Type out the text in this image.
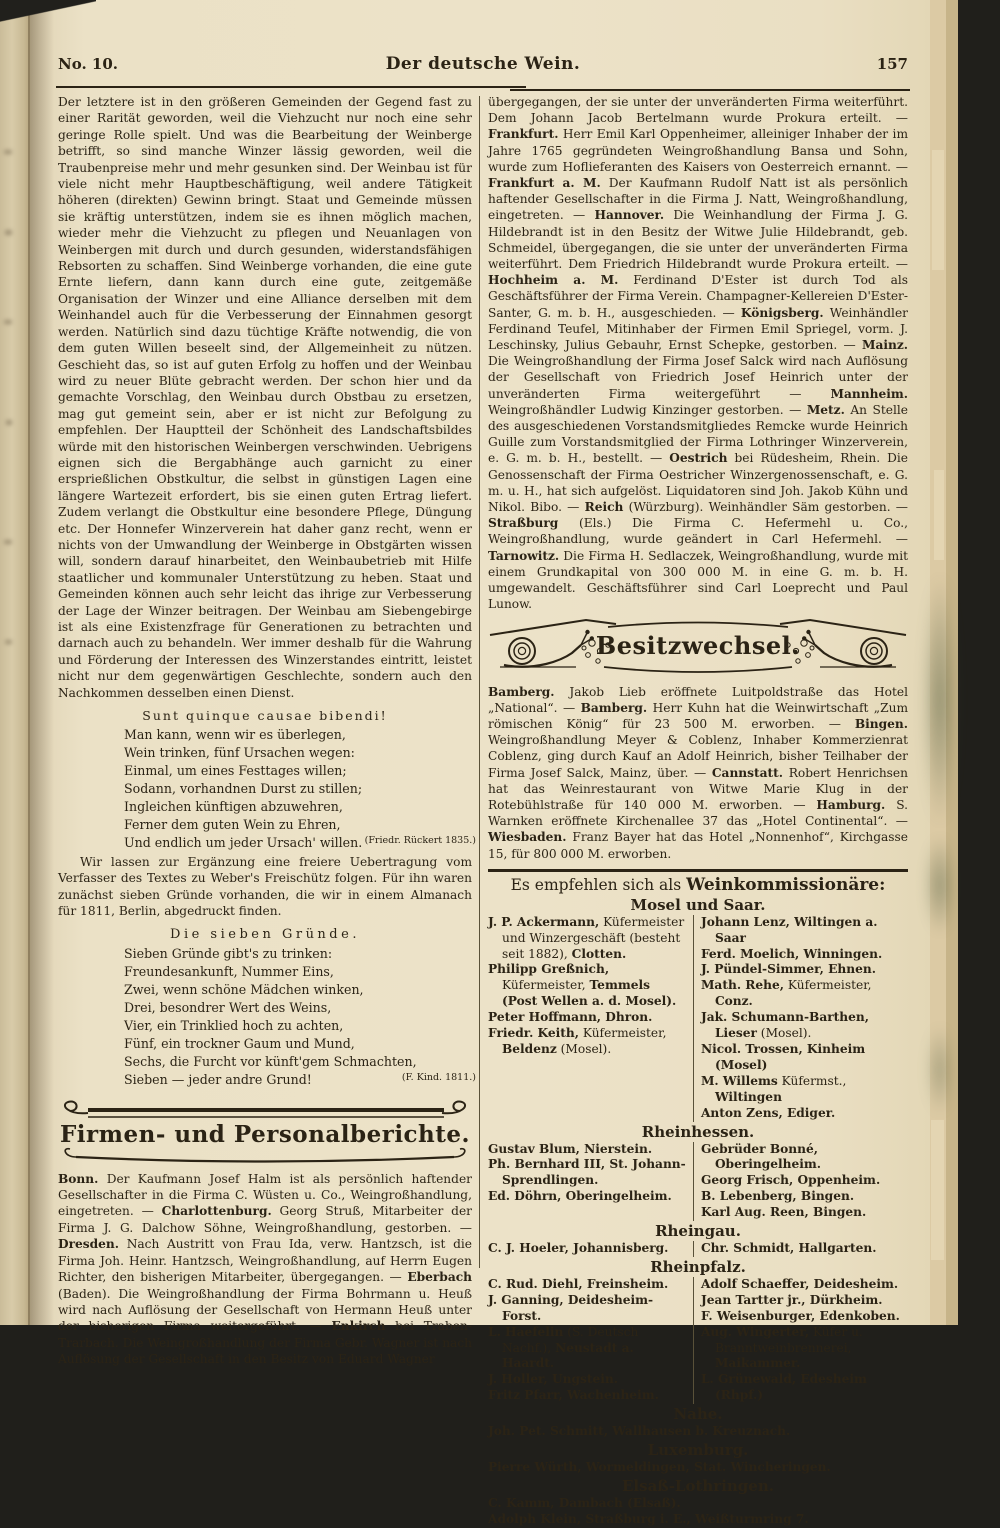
No. 10.	Der deutsche Wein.	157
Der letztere ist in den größeren Gemeinden der Gegend fast zu einer Rarität geworden, weil die Viehzucht nur noch eine sehr geringe Rolle spielt. Und was die Bearbeitung der Weinberge betrifft, so sind manche Winzer lässig geworden, weil die Traubenpreise mehr und mehr gesunken sind. Der Weinbau ist für viele nicht mehr Hauptbeschäftigung, weil andere Tätigkeit höheren (direkten) Gewinn bringt. Staat und Gemeinde müssen sie kräftig unterstützen, indem sie es ihnen möglich machen, wieder mehr die Viehzucht zu pflegen und Neuanlagen von Weinbergen mit durch und durch gesunden, widerstandsfähigen Rebsorten zu schaffen. Sind Weinberge vorhanden, die eine gute Ernte liefern, dann kann durch eine gute, zeitgemäße Organisation der Winzer und eine Alliance derselben mit dem Weinhandel auch für die Verbesserung der Einnahmen gesorgt werden. Natürlich sind dazu tüchtige Kräfte notwendig, die von dem guten Willen beseelt sind, der Allgemeinheit zu nützen. Geschieht das, so ist auf guten Erfolg zu hoffen und der Weinbau wird zu neuer Blüte gebracht werden. Der schon hier und da gemachte Vorschlag, den Weinbau durch Obstbau zu ersetzen, mag gut gemeint sein, aber er ist nicht zur Befolgung zu empfehlen. Der Hauptteil der Schönheit des Landschaftsbildes würde mit den historischen Weinbergen verschwinden. Uebrigens eignen sich die Bergabhänge auch garnicht zu einer ersprießlichen Obstkultur, die selbst in günstigen Lagen eine längere Wartezeit erfordert, bis sie einen guten Ertrag liefert. Zudem verlangt die Obstkultur eine besondere Pflege, Düngung etc. Der Honnefer Winzerverein hat daher ganz recht, wenn er nichts von der Umwandlung der Weinberge in Obstgärten wissen will, sondern darauf hinarbeitet, den Weinbaubetrieb mit Hilfe staatlicher und kommunaler Unterstützung zu heben. Staat und Gemeinden können auch sehr leicht das ihrige zur Verbesserung der Lage der Winzer beitragen. Der Weinbau am Siebengebirge ist als eine Existenzfrage für Generationen zu betrachten und darnach auch zu behandeln. Wer immer deshalb für die Wahrung und Förderung der Interessen des Winzerstandes eintritt, leistet nicht nur dem gegenwärtigen Geschlechte, sondern auch den Nachkommen desselben einen Dienst.
Sunt quinque causae bibendi!
Man kann, wenn wir es überlegen,
Wein trinken, fünf Ursachen wegen:
Einmal, um eines Festtages willen;
Sodann, vorhandnen Durst zu stillen;
Ingleichen künftigen abzuwehren,
Ferner dem guten Wein zu Ehren,
Und endlich um jeder Ursach' willen. (Friedr. Rückert 1835.)
Wir lassen zur Ergänzung eine freiere Uebertragung vom Verfasser des Textes zu Weber's Freischütz folgen. Für ihn waren zunächst sieben Gründe vorhanden, die wir in einem Almanach für 1811, Berlin, abgedruckt finden.
Die sieben Gründe.
Sieben Gründe gibt's zu trinken:
Freundesankunft, Nummer Eins,
Zwei, wenn schöne Mädchen winken,
Drei, besondrer Wert des Weins,
Vier, ein Trinklied hoch zu achten,
Fünf, ein trockner Gaum und Mund,
Sechs, die Furcht vor künft'gem Schmachten,
Sieben — jeder andre Grund!	(F. Kind. 1811.)
Firmen- und Personalberichte.
Bonn. Der Kaufmann Josef Halm ist als persönlich haftender Gesellschafter in die Firma C. Wüsten u. Co., Weingroßhandlung, eingetreten. — Charlottenburg. Georg Struß, Mitarbeiter der Firma J. G. Dalchow Söhne, Weingroßhandlung, gestorben. — Dresden. Nach Austritt von Frau Ida, verw. Hantzsch, ist die Firma Joh. Heinr. Hantzsch, Weingroßhandlung, auf Herrn Eugen Richter, den bisherigen Mitarbeiter, übergegangen. — Eberbach (Baden). Die Weingroßhandlung der Firma Bohrmann u. Heuß wird nach Auflösung der Gesellschaft von Hermann Heuß unter der bisherigen Firma weitergeführt. — Enkirch bei Traben-Trarbach. Die Weingroßhandlung der Firma Gebr. Wagner ist nach Auflösung der Gesellschaft in den Besitz von Eduard Wagner
übergegangen, der sie unter der unveränderten Firma weiterführt. Dem Johann Jacob Bertelmann wurde Prokura erteilt. — Frankfurt. Herr Emil Karl Oppenheimer, alleiniger Inhaber der im Jahre 1765 gegründeten Weingroßhandlung Bansa und Sohn, wurde zum Hoflieferanten des Kaisers von Oesterreich ernannt. — Frankfurt a. M. Der Kaufmann Rudolf Natt ist als persönlich haftender Gesellschafter in die Firma J. Natt, Weingroßhandlung, eingetreten. — Hannover. Die Weinhandlung der Firma J. G. Hildebrandt ist in den Besitz der Witwe Julie Hildebrandt, geb. Schmeidel, übergegangen, die sie unter der unveränderten Firma weiterführt. Dem Friedrich Hildebrandt wurde Prokura erteilt. — Hochheim a. M. Ferdinand D'Ester ist durch Tod als Geschäftsführer der Firma Verein. Champagner-Kellereien D'Ester-Santer, G. m. b. H., ausgeschieden. — Königsberg. Weinhändler Ferdinand Teufel, Mitinhaber der Firmen Emil Spriegel, vorm. J. Leschinsky, Julius Gebauhr, Ernst Schepke, gestorben. — Mainz. Die Weingroßhandlung der Firma Josef Salck wird nach Auflösung der Gesellschaft von Friedrich Josef Heinrich unter der unveränderten Firma weitergeführt — Mannheim. Weingroßhändler Ludwig Kinzinger gestorben. — Metz. An Stelle des ausgeschiedenen Vorstandsmitgliedes Remcke wurde Heinrich Guille zum Vorstandsmitglied der Firma Lothringer Winzerverein, e. G. m. b. H., bestellt. — Oestrich bei Rüdesheim, Rhein. Die Genossenschaft der Firma Oestricher Winzergenossenschaft, e. G. m. u. H., hat sich aufgelöst. Liquidatoren sind Joh. Jakob Kühn und Nikol. Bibo. — Reich (Würzburg). Weinhändler Säm gestorben. — Straßburg (Els.) Die Firma C. Hefermehl u. Co., Weingroßhandlung, wurde geändert in Carl Hefermehl. — Tarnowitz. Die Firma H. Sedlaczek, Weingroßhandlung, wurde mit einem Grundkapital von 300 000 M. in eine G. m. b. H. umgewandelt. Geschäftsführer sind Carl Loeprecht und Paul Lunow.
Besitzwechsel.
Bamberg. Jakob Lieb eröffnete Luitpoldstraße das Hotel „National“. — Bamberg. Herr Kuhn hat die Weinwirtschaft „Zum römischen König“ für 23 500 M. erworben. — Bingen. Weingroßhandlung Meyer & Coblenz, Inhaber Kommerzienrat Coblenz, ging durch Kauf an Adolf Heinrich, bisher Teilhaber der Firma Josef Salck, Mainz, über. — Cannstatt. Robert Henrichsen hat das Weinrestaurant von Witwe Marie Klug in der Rotebühlstraße für 140 000 M. erworben. — Hamburg. S. Warnken eröffnete Kirchenallee 37 das „Hotel Continental“. — Wiesbaden. Franz Bayer hat das Hotel „Nonnenhof“, Kirchgasse 15, für 800 000 M. erworben.
Es empfehlen sich als Weinkommissionäre:
Mosel und Saar.
J. P. Ackermann, Küfermeister und Winzergeschäft (besteht seit 1882), Clotten.
Philipp Greßnich, Küfermeister, Temmels (Post Wellen a. d. Mosel).
Peter Hoffmann, Dhron.
Friedr. Keith, Küfermeister, Beldenz (Mosel).
Johann Lenz, Wiltingen a. Saar
Ferd. Moelich, Winningen.
J. Pündel-Simmer, Ehnen.
Math. Rehe, Küfermeister, Conz.
Jak. Schumann-Barthen, Lieser (Mosel).
Nicol. Trossen, Kinheim (Mosel)
M. Willems Küfermst., Wiltingen
Anton Zens, Ediger.
Rheinhessen.
Gustav Blum, Nierstein.
Ph. Bernhard III, St. Johann-Sprendlingen.
Ed. Döhrn, Oberingelheim.
Gebrüder Bonné, Oberingelheim.
Georg Frisch, Oppenheim.
B. Lebenberg, Bingen.
Karl Aug. Reen, Bingen.
Rheingau.
C. J. Hoeler, Johannisberg.	Chr. Schmidt, Hallgarten.
Rheinpfalz.
C. Rud. Diehl, Freinsheim.
J. Ganning, Deidesheim-Forst.
L. Haefelin (S. Deutsch Nachf.), Neustadt a. Haardt.
J. Holler, Ungstein.
Fritz Pfarr, Wachenheim.
Adolf Schaeffer, Deidesheim.
Jean Tartter jr., Dürkheim.
F. Weisenburger, Edenkoben.
Aug. Wingerter, Küfer u. Branntweinbrennerei, Maikammer.
L. Grünewald, Edesheim (Rhpf.)
Nahe.
Joh. Pet. Schmitt, Wallhausen b. Kreuznach.
Luxemburg.
Pierre Würth, Wormeldingen, Stat. Wincheringen.
Elsaß-Lothringen.
C. Kamm, Dambach (Elsaß).
Adolph Klein, Straßburg i. E., Weißturmring 7.
